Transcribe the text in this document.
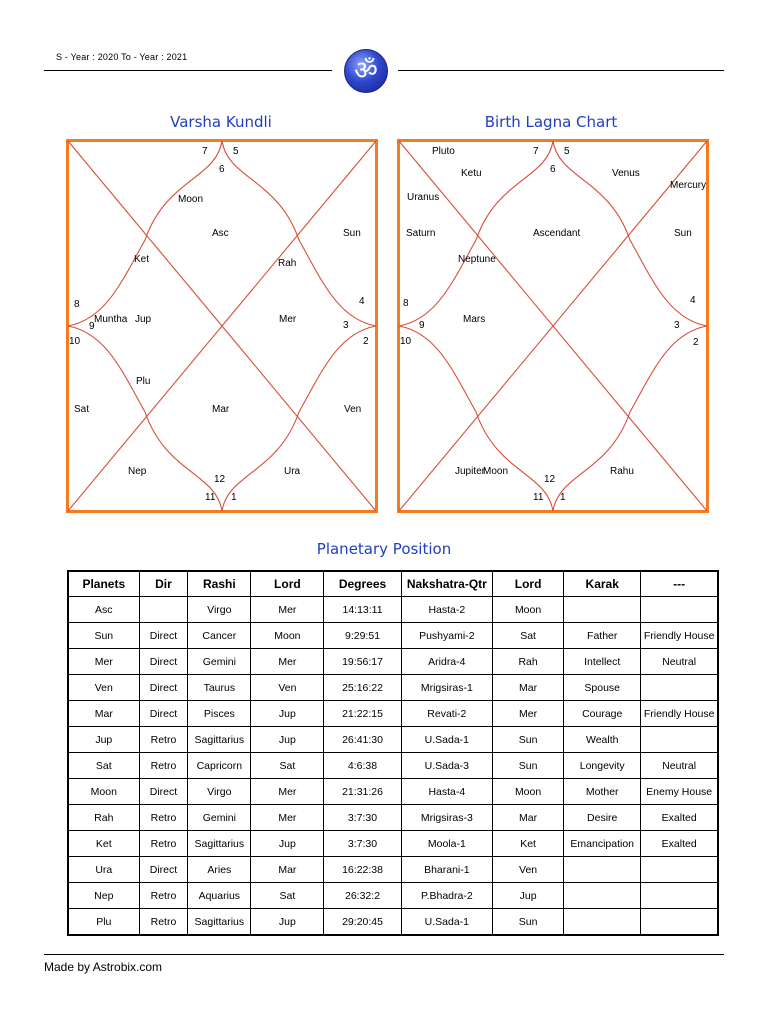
S - Year : 2020 To - Year : 2021	ॐ
Varsha Kundli	Birth Lagna Chart
7	5
6
8	4
9	3
10	2
12
11 1
Moon
Asc	Sun
Ket	Rah
Muntha Jup	Mer
Plu
Sat	Mar	Ven
Nep	Ura
7	5
6
8	4
9	3
10	2
12
11 1
Pluto
Ketu	Venus
Uranus
Mercury
Saturn	Ascendant	Sun
Neptune
Mars
Jupiter
Moon	Rahu
Planetary Position
Planets	Dir	Rashi	Lord	Degrees	Nakshatra-Qtr	Lord	Karak	---
Asc		Virgo	Mer	14:13:11	Hasta-2	Moon		
Sun	Direct	Cancer	Moon	9:29:51	Pushyami-2	Sat	Father	Friendly House
Mer	Direct	Gemini	Mer	19:56:17	Aridra-4	Rah	Intellect	Neutral
Ven	Direct	Taurus	Ven	25:16:22	Mrigsiras-1	Mar	Spouse	
Mar	Direct	Pisces	Jup	21:22:15	Revati-2	Mer	Courage	Friendly House
Jup	Retro	Sagittarius	Jup	26:41:30	U.Sada-1	Sun	Wealth	
Sat	Retro	Capricorn	Sat	4:6:38	U.Sada-3	Sun	Longevity	Neutral
Moon	Direct	Virgo	Mer	21:31:26	Hasta-4	Moon	Mother	Enemy House
Rah	Retro	Gemini	Mer	3:7:30	Mrigsiras-3	Mar	Desire	Exalted
Ket	Retro	Sagittarius	Jup	3:7:30	Moola-1	Ket	Emancipation	Exalted
Ura	Direct	Aries	Mar	16:22:38	Bharani-1	Ven		
Nep	Retro	Aquarius	Sat	26:32:2	P.Bhadra-2	Jup		
Plu	Retro	Sagittarius	Jup	29:20:45	U.Sada-1	Sun		
Made by Astrobix.com
